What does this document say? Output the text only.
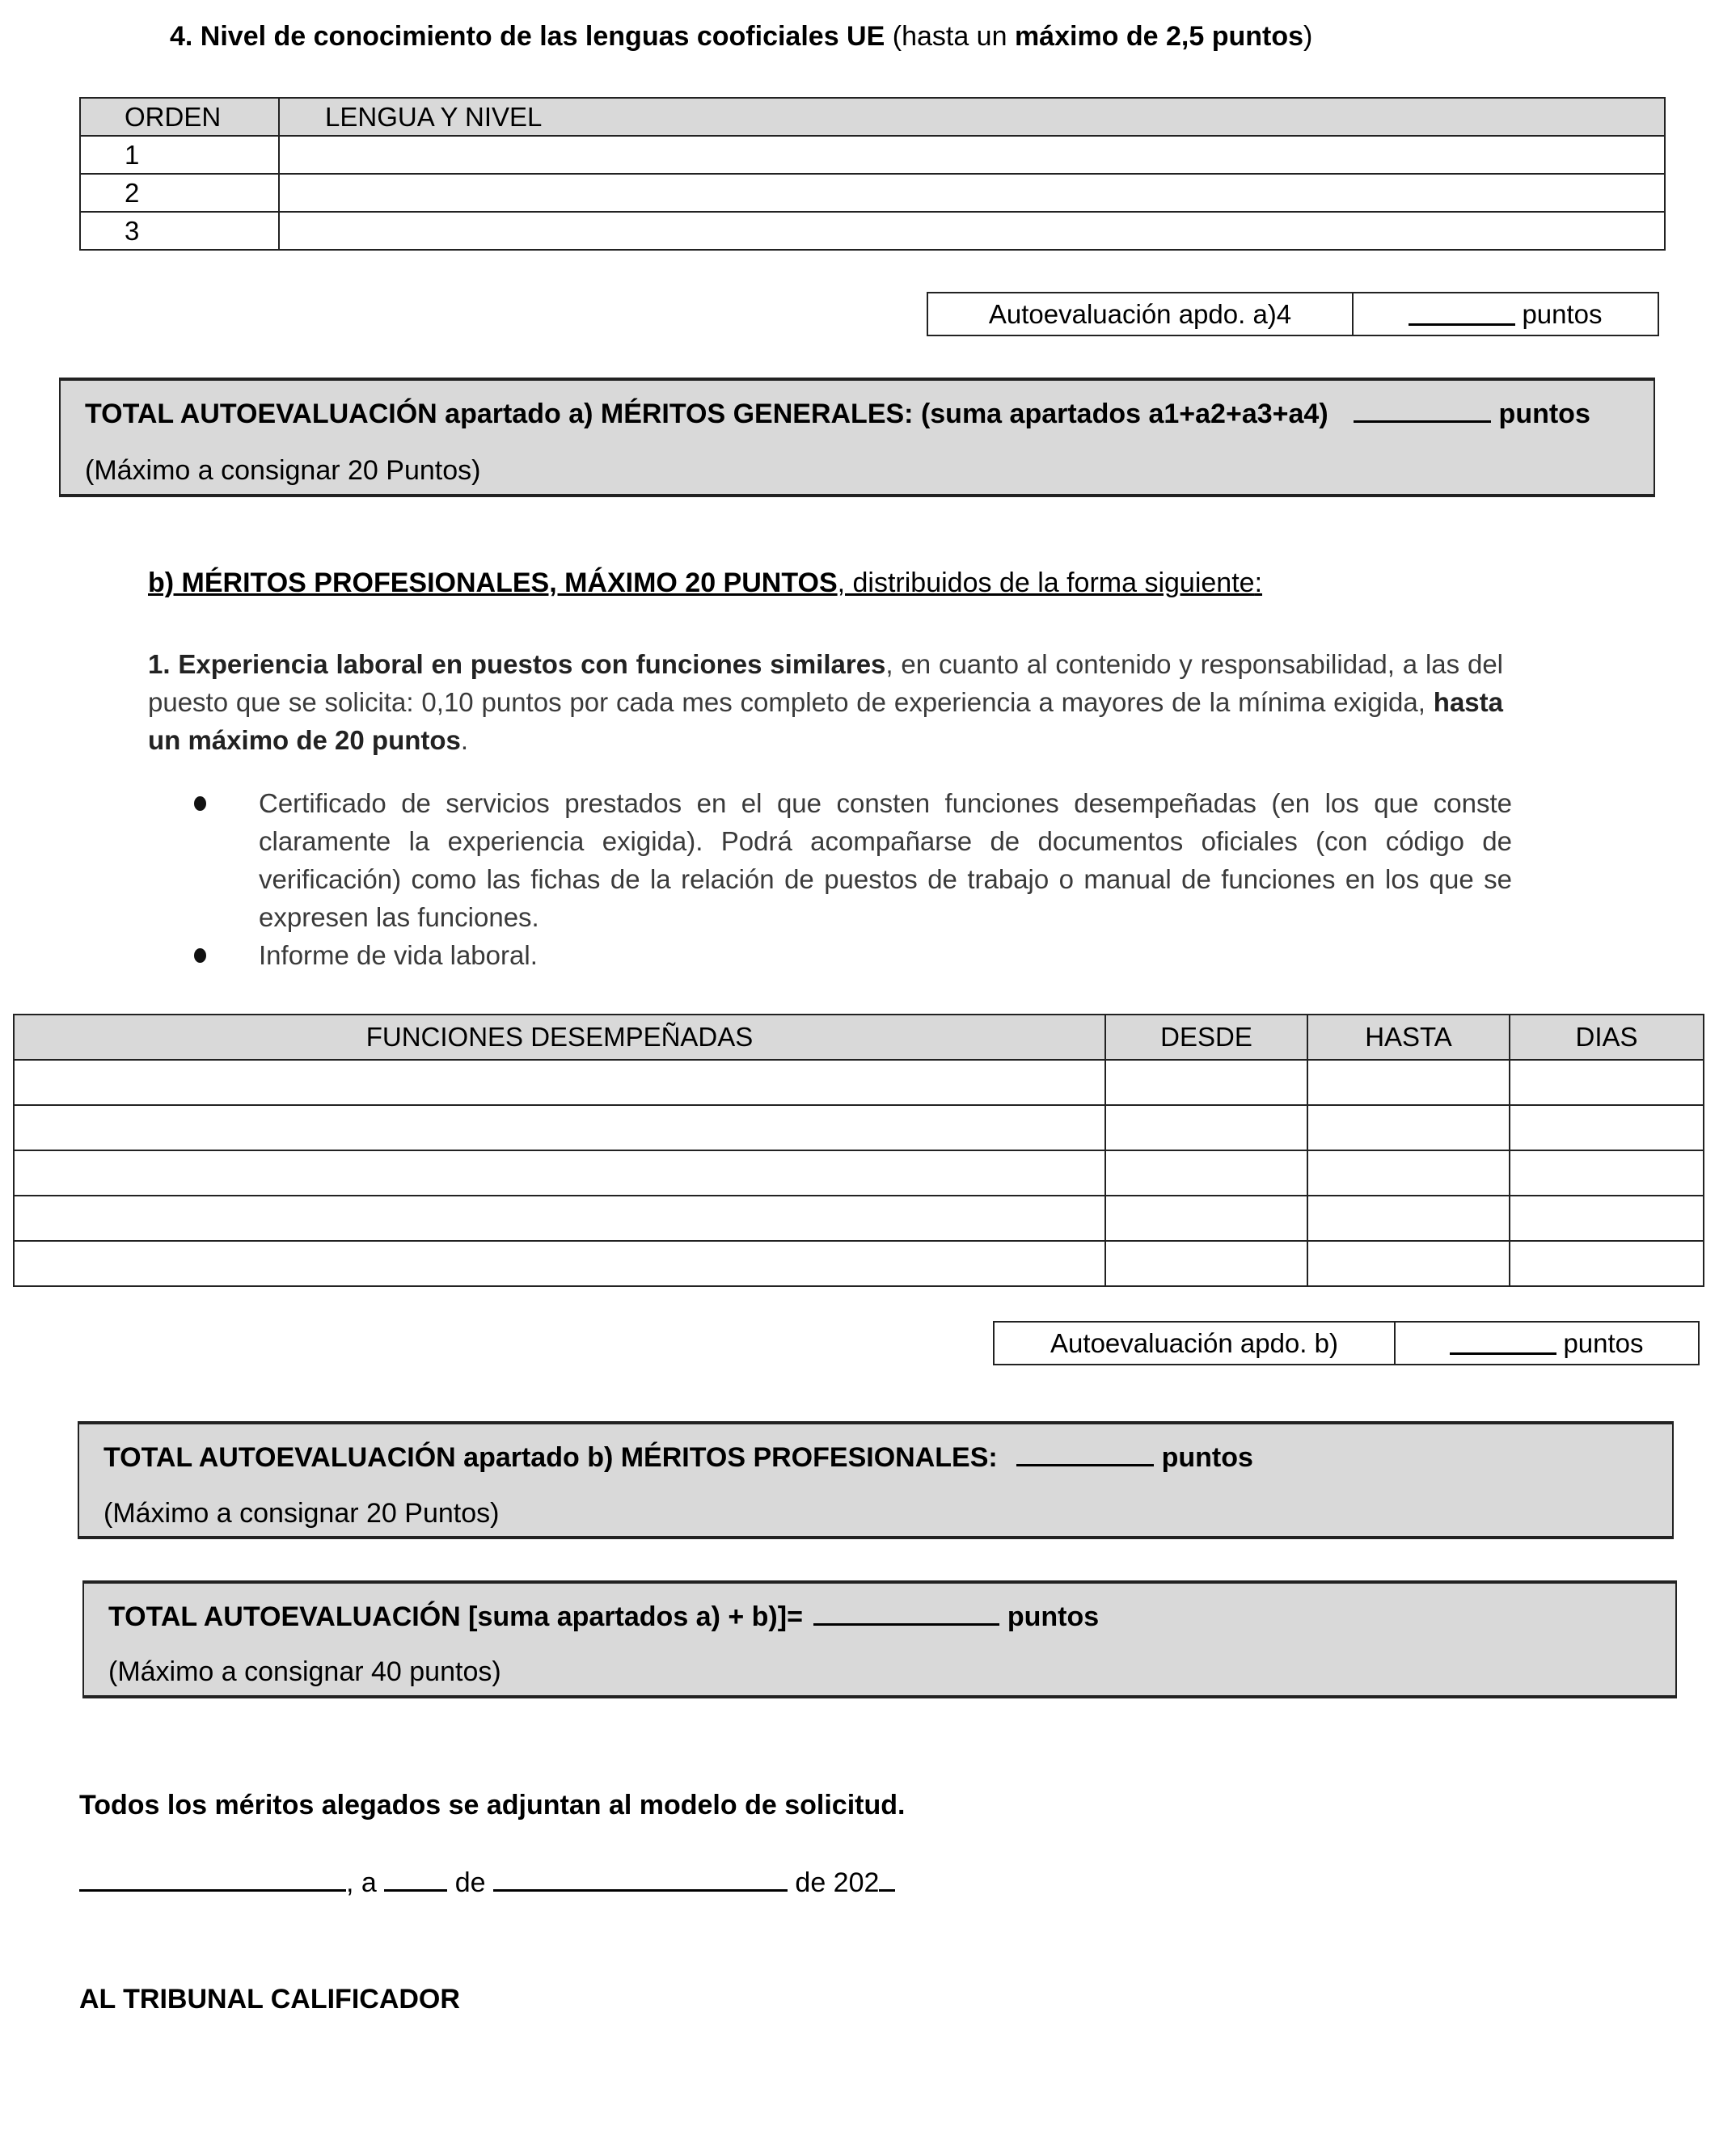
4. Nivel de conocimiento de las lenguas cooficiales UE (hasta un máximo de 2,5 puntos)
ORDEN	LENGUA Y NIVEL
1	
2	
3	
Autoevaluación apdo. a)4	puntos
TOTAL AUTOEVALUACIÓN apartado a) MÉRITOS GENERALES: (suma apartados a1+a2+a3+a4)	puntos
(Máximo a consignar 20 Puntos)
b) MÉRITOS PROFESIONALES, MÁXIMO 20 PUNTOS, distribuidos de la forma siguiente:
1. Experiencia laboral en puestos con funciones similares, en cuanto al contenido y responsabilidad, a las del puesto que se solicita: 0,10 puntos por cada mes completo de experiencia a mayores de la mínima exigida, hasta un máximo de 20 puntos.
Certificado de servicios prestados en el que consten funciones desempeñadas (en los que conste claramente la experiencia exigida). Podrá acompañarse de documentos oficiales (con código de verificación) como las fichas de la relación de puestos de trabajo o manual de funciones en los que se expresen las funciones.
Informe de vida laboral.
FUNCIONES DESEMPEÑADAS	DESDE	HASTA	DIAS

Autoevaluación apdo. b)	puntos
TOTAL AUTOEVALUACIÓN apartado b) MÉRITOS PROFESIONALES:	puntos
(Máximo a consignar 20 Puntos)
TOTAL AUTOEVALUACIÓN [suma apartados a) + b)]=	puntos
(Máximo a consignar 40 puntos)
Todos los méritos alegados se adjuntan al modelo de solicitud.
, a  de	de 202
AL TRIBUNAL CALIFICADOR
